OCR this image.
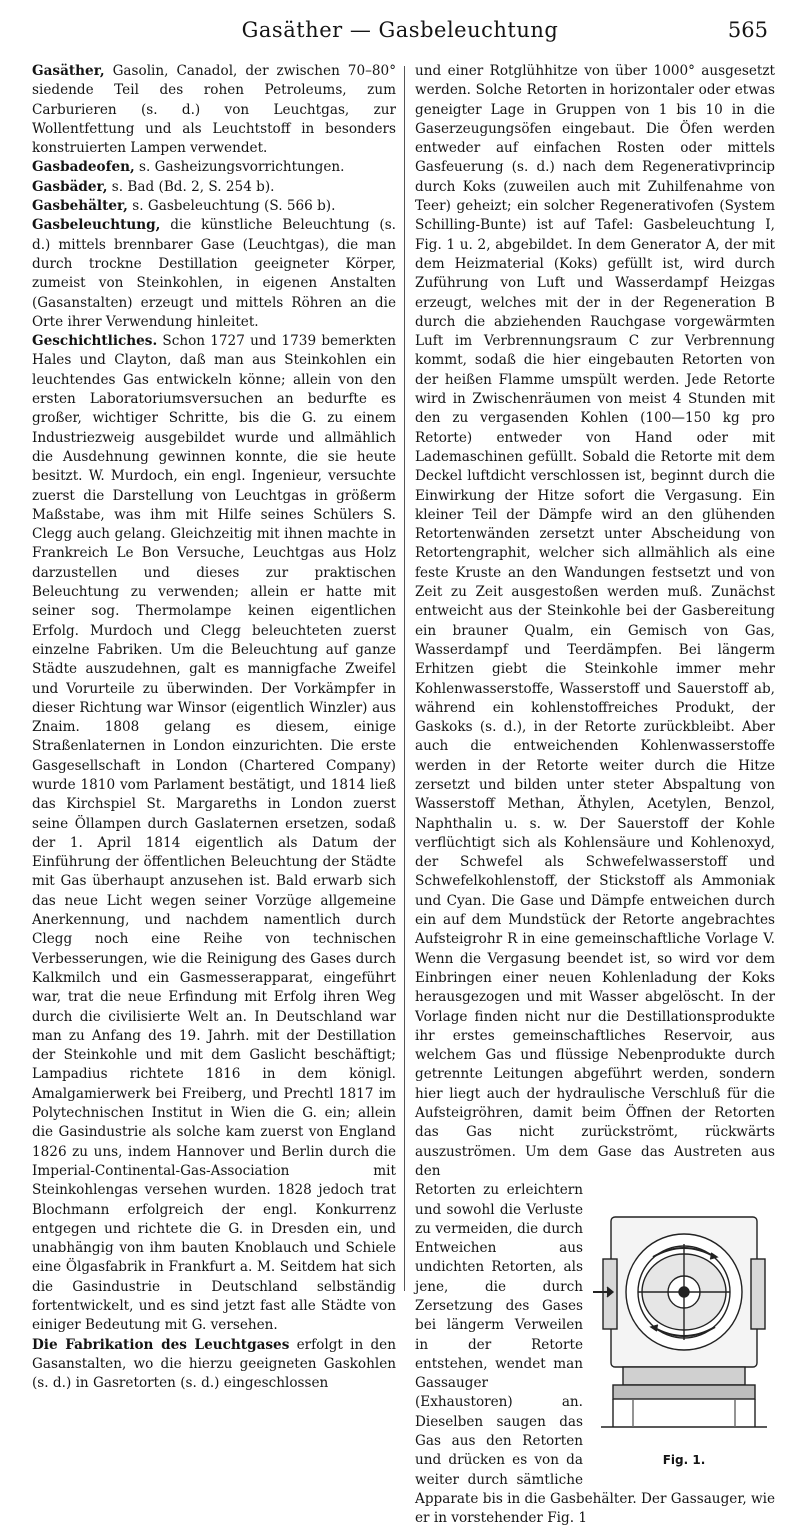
Gasäther — Gasbeleuchtung	565

Gasäther, Gasolin, Canadol, der zwischen 70–80° siedende Teil des rohen Petroleums, zum Carburieren (s. d.) von Leuchtgas, zur Wollentfettung und als Leuchtstoff in besonders konstruierten Lampen verwendet.

Gasbadeofen, s. Gasheizungsvorrichtungen.

Gasbäder, s. Bad (Bd. 2, S. 254 b).

Gasbehälter, s. Gasbeleuchtung (S. 566 b).

Gasbeleuchtung, die künstliche Beleuchtung (s. d.) mittels brennbarer Gase (Leuchtgas), die man durch trockne Destillation geeigneter Körper, zumeist von Steinkohlen, in eigenen Anstalten (Gasanstalten) erzeugt und mittels Röhren an die Orte ihrer Verwendung hinleitet.

Geschichtliches. Schon 1727 und 1739 bemerkten Hales und Clayton, daß man aus Steinkohlen ein leuchtendes Gas entwickeln könne; allein von den ersten Laboratoriumsversuchen an bedurfte es großer, wichtiger Schritte, bis die G. zu einem Industriezweig ausgebildet wurde und allmählich die Ausdehnung gewinnen konnte, die sie heute besitzt. W. Murdoch, ein engl. Ingenieur, versuchte zuerst die Darstellung von Leuchtgas in größerm Maßstabe, was ihm mit Hilfe seines Schülers S. Clegg auch gelang. Gleichzeitig mit ihnen machte in Frankreich Le Bon Versuche, Leuchtgas aus Holz darzustellen und dieses zur praktischen Beleuchtung zu verwenden; allein er hatte mit seiner sog. Thermolampe keinen eigentlichen Erfolg. Murdoch und Clegg beleuchteten zuerst einzelne Fabriken. Um die Beleuchtung auf ganze Städte auszudehnen, galt es mannigfache Zweifel und Vorurteile zu überwinden. Der Vorkämpfer in dieser Richtung war Winsor (eigentlich Winzler) aus Znaim. 1808 gelang es diesem, einige Straßenlaternen in London einzurichten. Die erste Gasgesellschaft in London (Chartered Company) wurde 1810 vom Parlament bestätigt, und 1814 ließ das Kirchspiel St. Margareths in London zuerst seine Öllampen durch Gaslaternen ersetzen, sodaß der 1. April 1814 eigentlich als Datum der Einführung der öffentlichen Beleuchtung der Städte mit Gas überhaupt anzusehen ist. Bald erwarb sich das neue Licht wegen seiner Vorzüge allgemeine Anerkennung, und nachdem namentlich durch Clegg noch eine Reihe von technischen Verbesserungen, wie die Reinigung des Gases durch Kalkmilch und ein Gasmesserapparat, eingeführt war, trat die neue Erfindung mit Erfolg ihren Weg durch die civilisierte Welt an. In Deutschland war man zu Anfang des 19. Jahrh. mit der Destillation der Steinkohle und mit dem Gaslicht beschäftigt; Lampadius richtete 1816 in dem königl. Amalgamierwerk bei Freiberg, und Prechtl 1817 im Polytechnischen Institut in Wien die G. ein; allein die Gasindustrie als solche kam zuerst von England 1826 zu uns, indem Hannover und Berlin durch die Imperial-Continental-Gas-Association mit Steinkohlengas versehen wurden. 1828 jedoch trat Blochmann erfolgreich der engl. Konkurrenz entgegen und richtete die G. in Dresden ein, und unabhängig von ihm bauten Knoblauch und Schiele eine Ölgasfabrik in Frankfurt a. M. Seitdem hat sich die Gasindustrie in Deutschland selbständig fortentwickelt, und es sind jetzt fast alle Städte von einiger Bedeutung mit G. versehen.

Die Fabrikation des Leuchtgases erfolgt in den Gasanstalten, wo die hierzu geeigneten Gaskohlen (s. d.) in Gasretorten (s. d.) eingeschlossen

und einer Rotglühhitze von über 1000° ausgesetzt werden. Solche Retorten in horizontaler oder etwas geneigter Lage in Gruppen von 1 bis 10 in die Gaserzeugungsöfen eingebaut. Die Öfen werden entweder auf einfachen Rosten oder mittels Gasfeuerung (s. d.) nach dem Regenerativprincip durch Koks (zuweilen auch mit Zuhilfenahme von Teer) geheizt; ein solcher Regenerativofen (System Schilling-Bunte) ist auf Tafel: Gasbeleuchtung I, Fig. 1 u. 2, abgebildet. In dem Generator A, der mit dem Heizmaterial (Koks) gefüllt ist, wird durch Zuführung von Luft und Wasserdampf Heizgas erzeugt, welches mit der in der Regeneration B durch die abziehenden Rauchgase vorgewärmten Luft im Verbrennungsraum C zur Verbrennung kommt, sodaß die hier eingebauten Retorten von der heißen Flamme umspült werden. Jede Retorte wird in Zwischenräumen von meist 4 Stunden mit den zu vergasenden Kohlen (100—150 kg pro Retorte) entweder von Hand oder mit Lademaschinen gefüllt. Sobald die Retorte mit dem Deckel luftdicht verschlossen ist, beginnt durch die Einwirkung der Hitze sofort die Vergasung. Ein kleiner Teil der Dämpfe wird an den glühenden Retortenwänden zersetzt unter Abscheidung von Retortengraphit, welcher sich allmählich als eine feste Kruste an den Wandungen festsetzt und von Zeit zu Zeit ausgestoßen werden muß. Zunächst entweicht aus der Steinkohle bei der Gasbereitung ein brauner Qualm, ein Gemisch von Gas, Wasserdampf und Teerdämpfen. Bei längerm Erhitzen giebt die Steinkohle immer mehr Kohlenwasserstoffe, Wasserstoff und Sauerstoff ab, während ein kohlenstoffreiches Produkt, der Gaskoks (s. d.), in der Retorte zurückbleibt. Aber auch die entweichenden Kohlenwasserstoffe werden in der Retorte weiter durch die Hitze zersetzt und bilden unter steter Abspaltung von Wasserstoff Methan, Äthylen, Acetylen, Benzol, Naphthalin u. s. w. Der Sauerstoff der Kohle verflüchtigt sich als Kohlensäure und Kohlenoxyd, der Schwefel als Schwefelwasserstoff und Schwefelkohlenstoff, der Stickstoff als Ammoniak und Cyan. Die Gase und Dämpfe entweichen durch ein auf dem Mundstück der Retorte angebrachtes Aufsteigrohr R in eine gemeinschaftliche Vorlage V. Wenn die Vergasung beendet ist, so wird vor dem Einbringen einer neuen Kohlenladung der Koks herausgezogen und mit Wasser abgelöscht. In der Vorlage finden nicht nur die Destillationsprodukte ihr erstes gemeinschaftliches Reservoir, aus welchem Gas und flüssige Nebenprodukte durch getrennte Leitungen abgeführt werden, sondern hier liegt auch der hydraulische Verschluß für die Aufsteigröhren, damit beim Öffnen der Retorten das Gas nicht zurückströmt, rückwärts auszuströmen. Um dem Gase das Austreten aus den

Fig. 1.

Retorten zu erleichtern und sowohl die Verluste zu vermeiden, die durch Entweichen aus undichten Retorten, als jene, die durch Zersetzung des Gases bei längerm Verweilen in der Retorte entstehen, wendet man Gassauger (Exhaustoren) an. Dieselben saugen das Gas aus den Retorten und drücken es von da weiter durch sämtliche Apparate bis in die Gasbehälter. Der Gassauger, wie er in vorstehender Fig. 1
